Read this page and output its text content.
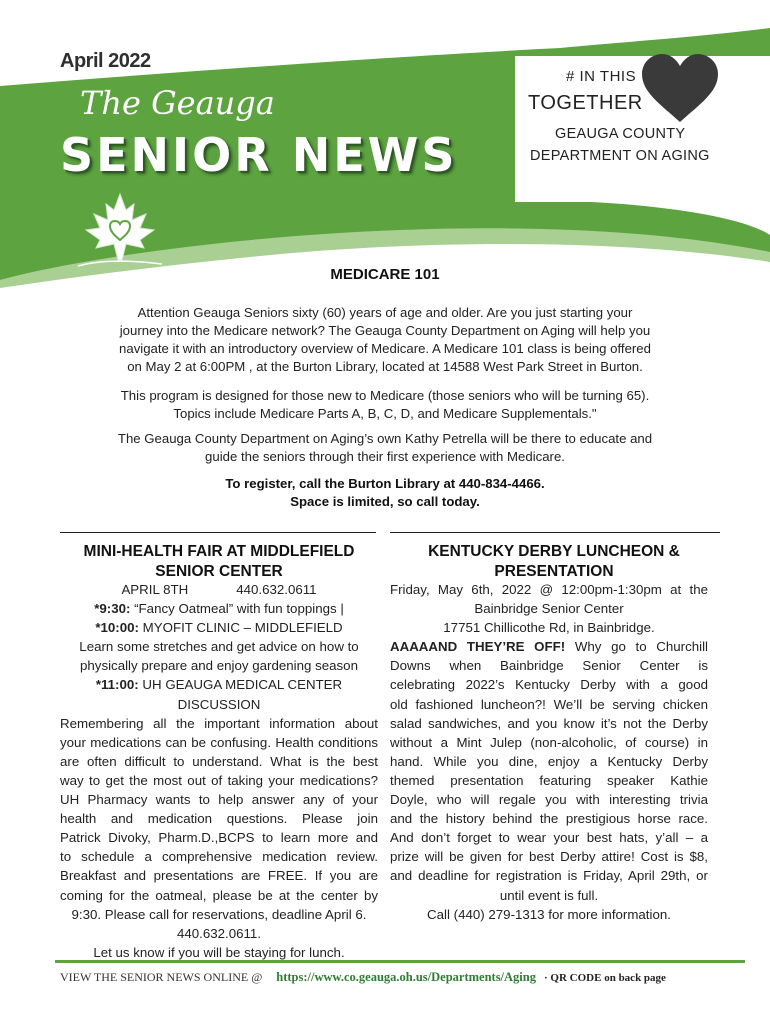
April 2022
The Geauga
SENIOR NEWS
# IN THIS
TOGETHER
GEAUGA COUNTY
DEPARTMENT ON AGING
MEDICARE 101
Attention Geauga Seniors sixty (60) years of age and older. Are you just starting your
journey into the Medicare network? The Geauga County Department on Aging will help you
navigate it with an introductory overview of Medicare. A Medicare 101 class is being offered
on May 2 at 6:00PM , at the Burton Library, located at 14588 West Park Street in Burton.
This program is designed for those new to Medicare (those seniors who will be turning 65).
Topics include Medicare Parts A, B, C, D, and Medicare Supplementals."
The Geauga County Department on Aging’s own Kathy Petrella will be there to educate and
guide the seniors through their first experience with Medicare.
To register, call the Burton Library at 440-834-4466.
Space is limited, so call today.
MINI-HEALTH FAIR AT MIDDLEFIELD
SENIOR CENTER
APRIL 8TH	440.632.0611
*9:30: “Fancy Oatmeal” with fun toppings |
*10:00: MYOFIT CLINIC – MIDDLEFIELD
Learn some stretches and get advice on how to
physically prepare and enjoy gardening season
*11:00: UH GEAUGA MEDICAL CENTER
DISCUSSION
Remembering all the important information about
your medications can be confusing. Health conditions
are often difficult to understand. What is the best
way to get the most out of taking your medications?
UH Pharmacy wants to help answer any of your
health and medication questions. Please join
Patrick Divoky, Pharm.D.,BCPS to learn more and
to schedule a comprehensive medication review.
Breakfast and presentations are FREE. If you are
coming for the oatmeal, please be at the center by
9:30. Please call for reservations, deadline April 6.
440.632.0611.
Let us know if you will be staying for lunch.
KENTUCKY DERBY LUNCHEON &
PRESENTATION
Friday, May 6th, 2022 @ 12:00pm-1:30pm at the
Bainbridge Senior Center
17751 Chillicothe Rd, in Bainbridge.
AAAAAND THEY’RE OFF! Why go to Churchill
Downs when Bainbridge Senior Center is
celebrating 2022’s Kentucky Derby with a good
old fashioned luncheon?! We’ll be serving chicken
salad sandwiches, and you know it’s not the Derby
without a Mint Julep (non-alcoholic, of course) in
hand. While you dine, enjoy a Kentucky Derby
themed presentation featuring speaker Kathie
Doyle, who will regale you with interesting trivia
and the history behind the prestigious horse race.
And don’t forget to wear your best hats, y’all – a
prize will be given for best Derby attire! Cost is $8,
and deadline for registration is Friday, April 29th, or
until event is full.
Call (440) 279-1313 for more information.
VIEW THE SENIOR NEWS ONLINE @ https://www.co.geauga.oh.us/Departments/Aging · QR CODE on back page
